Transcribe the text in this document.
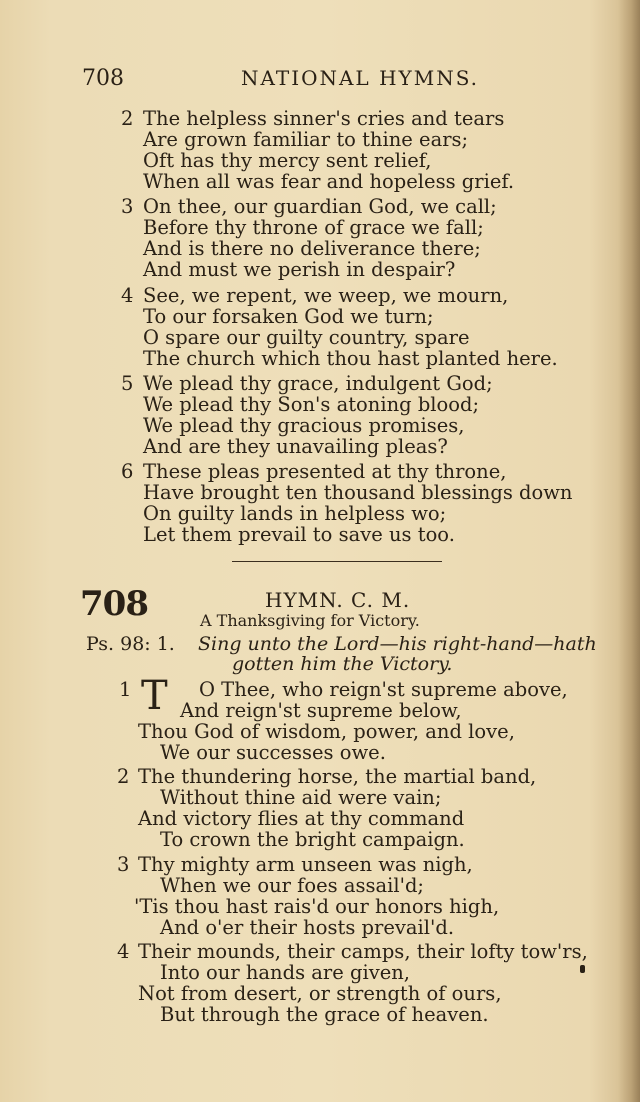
708	NATIONAL HYMNS.
2 The helpless sinner's cries and tears
Are grown familiar to thine ears;
Oft has thy mercy sent relief,
When all was fear and hopeless grief.
3 On thee, our guardian God, we call;
Before thy throne of grace we fall;
And is there no deliverance there;
And must we perish in despair?
4 See, we repent, we weep, we mourn,
To our forsaken God we turn;
O spare our guilty country, spare
The church which thou hast planted here.
5 We plead thy grace, indulgent God;
We plead thy Son's atoning blood;
We plead thy gracious promises,
And are they unavailing pleas?
6 These pleas presented at thy throne,
Have brought ten thousand blessings down
On guilty lands in helpless wo;
Let them prevail to save us too.
708	HYMN. C. M.
A Thanksgiving for Victory.
Ps. 98: 1. Sing unto the Lord—his right-hand—hath
gotten him the Victory.
1 T O Thee, who reign'st supreme above,
And reign'st supreme below,
Thou God of wisdom, power, and love,
We our successes owe.
2 The thundering horse, the martial band,
Without thine aid were vain;
And victory flies at thy command
To crown the bright campaign.
3 Thy mighty arm unseen was nigh,
When we our foes assail'd;
'Tis thou hast rais'd our honors high,
And o'er their hosts prevail'd.
4 Their mounds, their camps, their lofty tow'rs,
Into our hands are given,
Not from desert, or strength of ours,
But through the grace of heaven.
